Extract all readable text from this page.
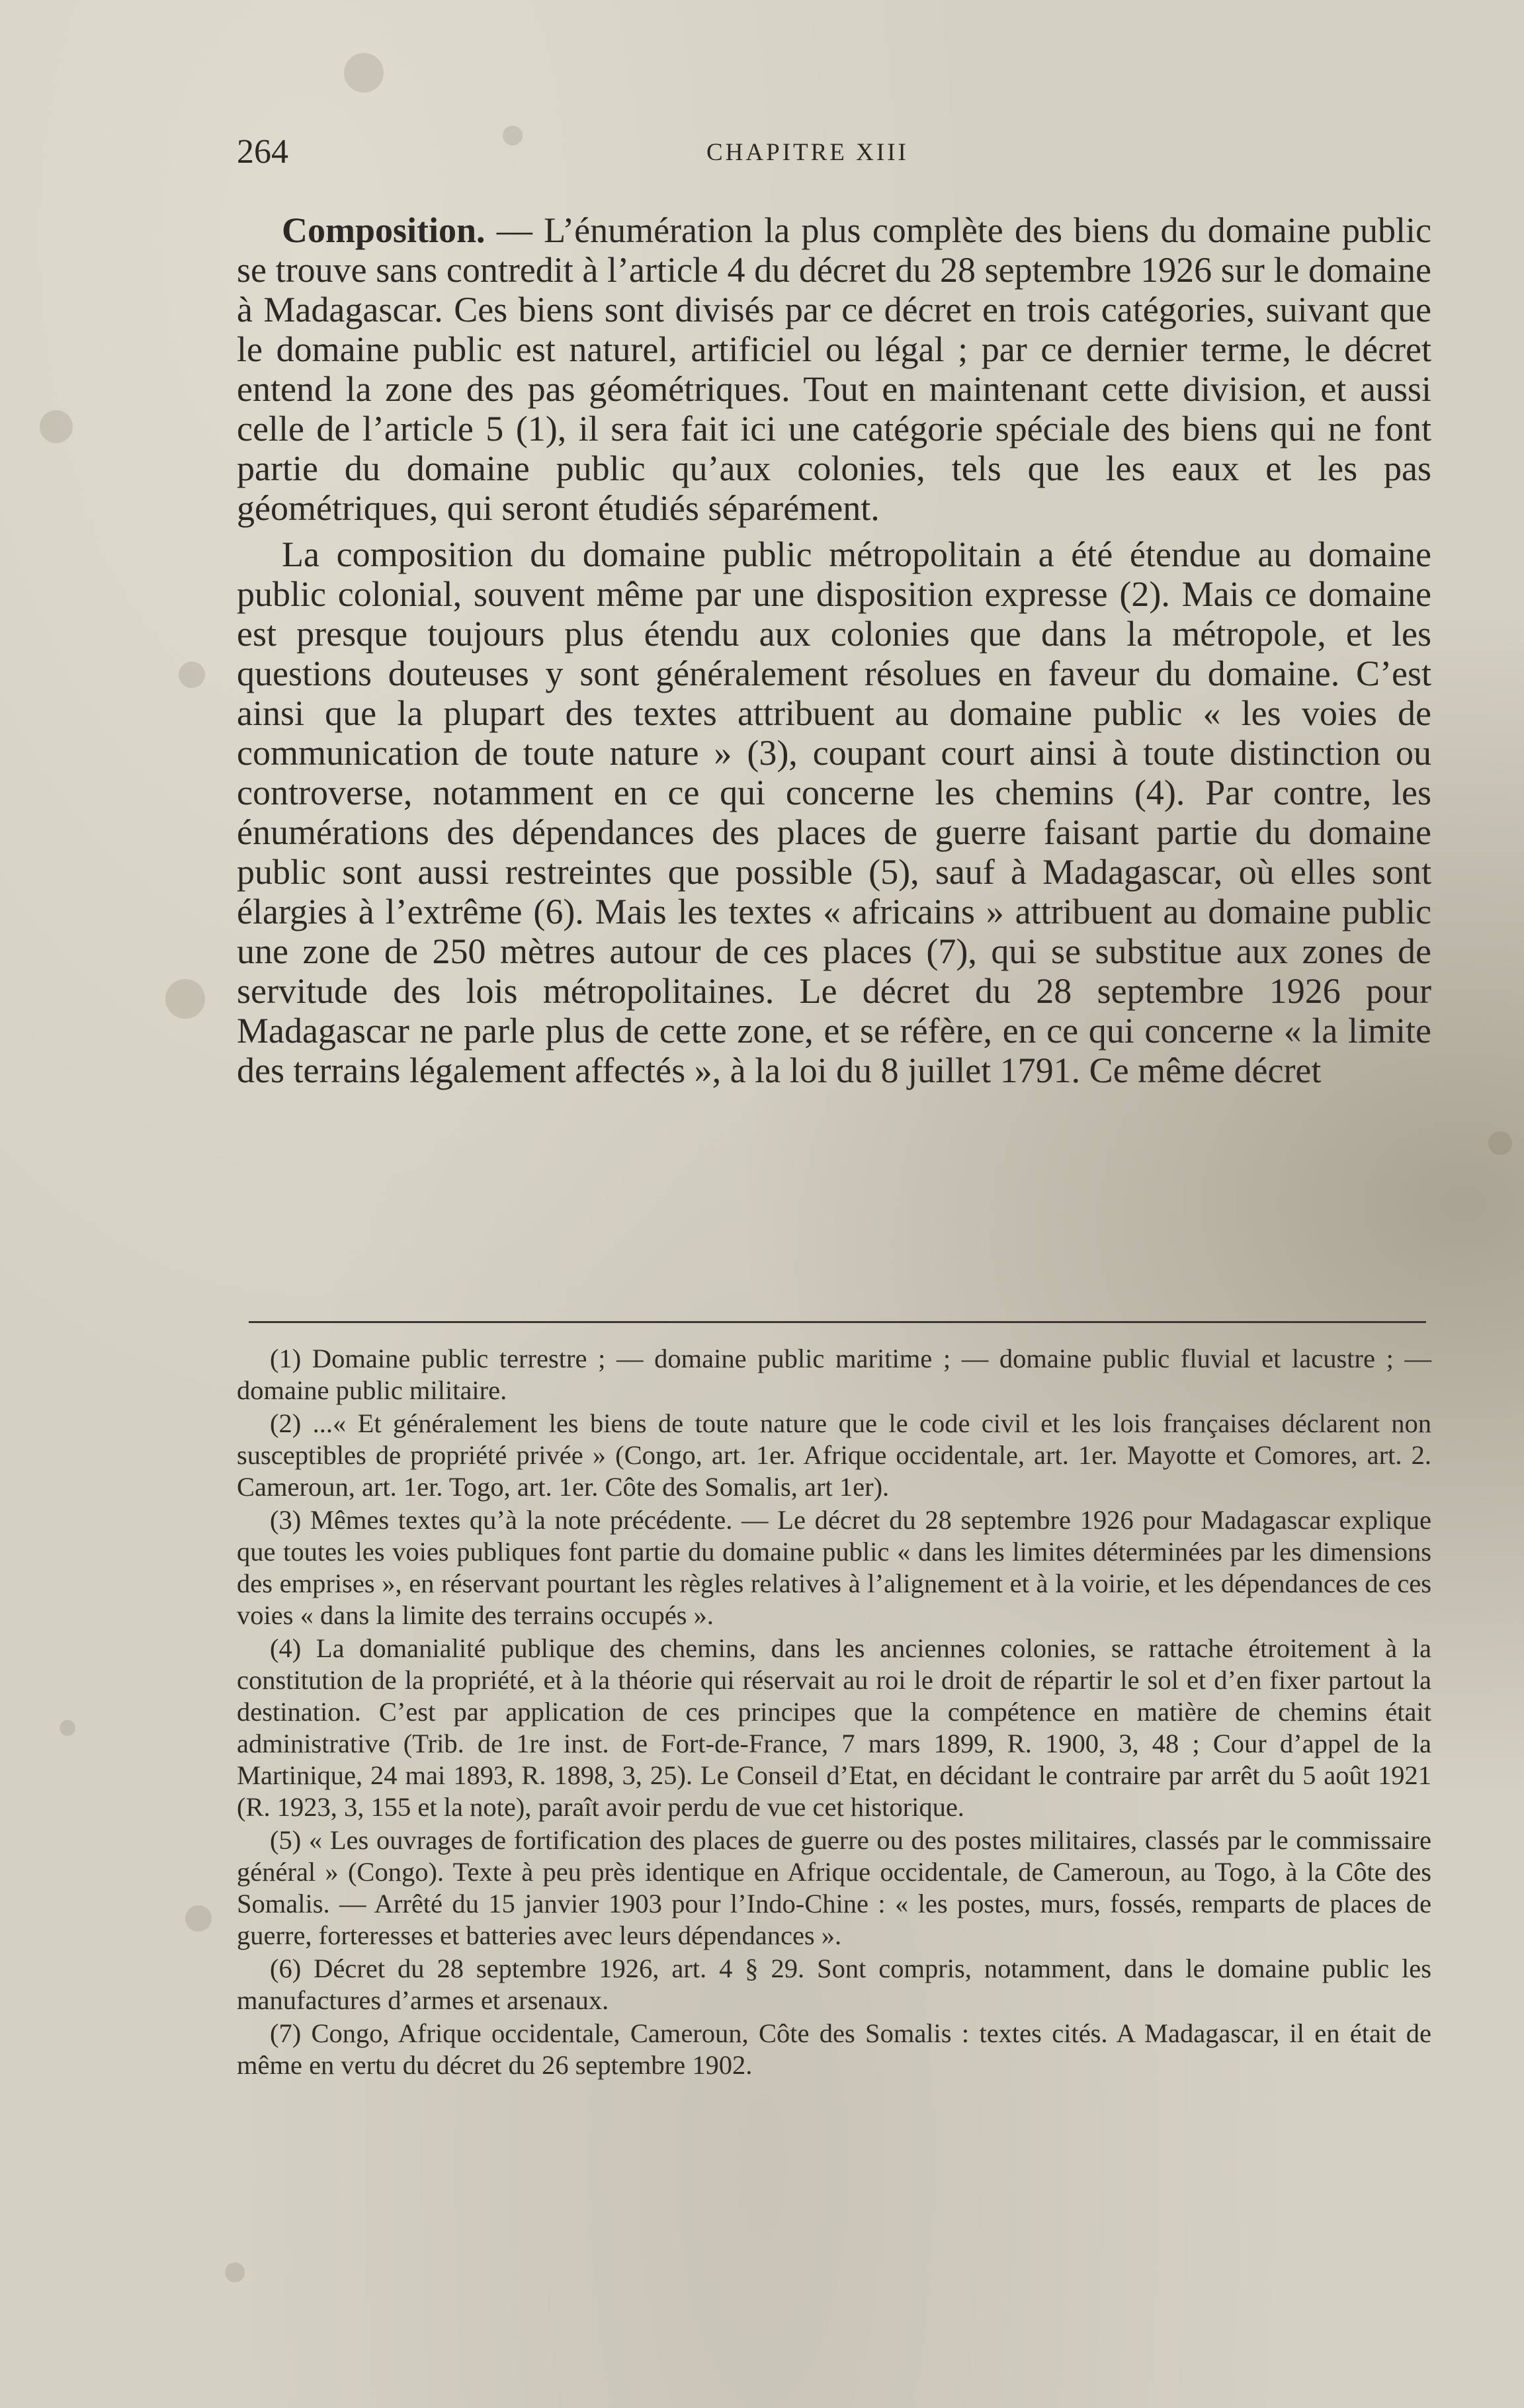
264	CHAPITRE XIII

Composition. — L’énumération la plus complète des biens du domaine public se trouve sans contredit à l’article 4 du décret du 28 septembre 1926 sur le domaine à Madagascar. Ces biens sont divisés par ce décret en trois catégories, suivant que le domaine public est naturel, artificiel ou légal ; par ce dernier terme, le décret entend la zone des pas géométriques. Tout en maintenant cette division, et aussi celle de l’article 5 (1), il sera fait ici une catégorie spéciale des biens qui ne font partie du domaine public qu’aux colonies, tels que les eaux et les pas géométriques, qui seront étudiés séparément.

La composition du domaine public métropolitain a été étendue au domaine public colonial, souvent même par une disposition expresse (2). Mais ce domaine est presque toujours plus étendu aux colonies que dans la métropole, et les questions douteuses y sont généralement résolues en faveur du domaine. C’est ainsi que la plupart des textes attribuent au domaine public « les voies de communication de toute nature » (3), coupant court ainsi à toute distinction ou controverse, notamment en ce qui concerne les chemins (4). Par contre, les énumérations des dépendances des places de guerre faisant partie du domaine public sont aussi restreintes que possible (5), sauf à Madagascar, où elles sont élargies à l’extrême (6). Mais les textes « africains » attribuent au domaine public une zone de 250 mètres autour de ces places (7), qui se substitue aux zones de servitude des lois métropolitaines. Le décret du 28 septembre 1926 pour Madagascar ne parle plus de cette zone, et se réfère, en ce qui concerne « la limite des terrains légalement affectés », à la loi du 8 juillet 1791. Ce même décret

(1) Domaine public terrestre ; — domaine public maritime ; — domaine public fluvial et lacustre ; — domaine public militaire.

(2) ...« Et généralement les biens de toute nature que le code civil et les lois françaises déclarent non susceptibles de propriété privée » (Congo, art. 1er. Afrique occidentale, art. 1er. Mayotte et Comores, art. 2. Cameroun, art. 1er. Togo, art. 1er. Côte des Somalis, art 1er).

(3) Mêmes textes qu’à la note précédente. — Le décret du 28 septembre 1926 pour Madagascar explique que toutes les voies publiques font partie du domaine public « dans les limites déterminées par les dimensions des emprises », en réservant pourtant les règles relatives à l’alignement et à la voirie, et les dépendances de ces voies « dans la limite des terrains occupés ».

(4) La domanialité publique des chemins, dans les anciennes colonies, se rattache étroitement à la constitution de la propriété, et à la théorie qui réservait au roi le droit de répartir le sol et d’en fixer partout la destination. C’est par application de ces principes que la compétence en matière de chemins était administrative (Trib. de 1re inst. de Fort-de-France, 7 mars 1899, R. 1900, 3, 48 ; Cour d’appel de la Martinique, 24 mai 1893, R. 1898, 3, 25). Le Conseil d’Etat, en décidant le contraire par arrêt du 5 août 1921 (R. 1923, 3, 155 et la note), paraît avoir perdu de vue cet historique.

(5) « Les ouvrages de fortification des places de guerre ou des postes militaires, classés par le commissaire général » (Congo). Texte à peu près identique en Afrique occidentale, de Cameroun, au Togo, à la Côte des Somalis. — Arrêté du 15 janvier 1903 pour l’Indo-Chine : « les postes, murs, fossés, remparts de places de guerre, forteresses et batteries avec leurs dépendances ».

(6) Décret du 28 septembre 1926, art. 4 § 29. Sont compris, notamment, dans le domaine public les manufactures d’armes et arsenaux.

(7) Congo, Afrique occidentale, Cameroun, Côte des Somalis : textes cités. A Madagascar, il en était de même en vertu du décret du 26 septembre 1902.
